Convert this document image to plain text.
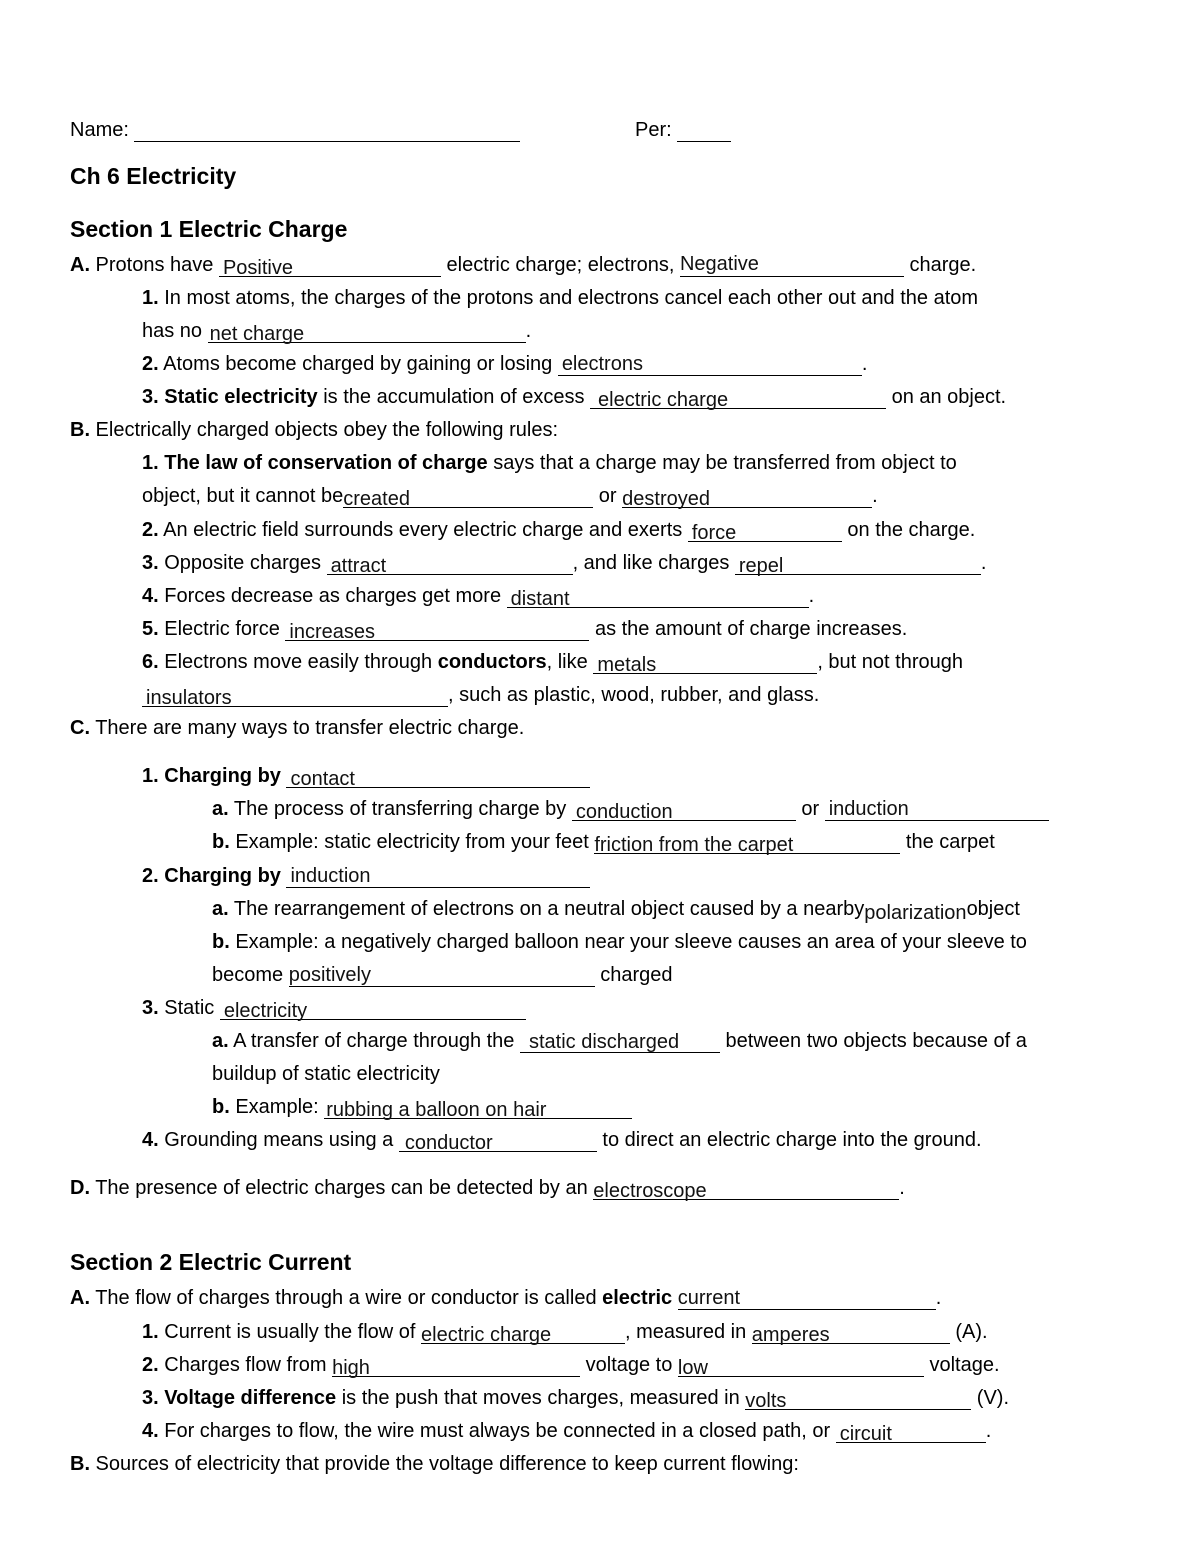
Name:	Per:
Ch 6 Electricity
Section 1 Electric Charge
A. Protons have Positive	electric charge; electrons, Negative	charge.
1. In most atoms, the charges of the protons and electrons cancel each other out and the atom
has no net charge	.
2. Atoms become charged by gaining or losing electrons	.
3. Static electricity is the accumulation of excess electric charge	on an object.
B. Electrically charged objects obey the following rules:
1. The law of conservation of charge says that a charge may be transferred from object to
object, but it cannot be created	or destroyed	.
2. An electric field surrounds every electric charge and exerts force	on the charge.
3. Opposite charges attract	, and like charges repel	.
4. Forces decrease as charges get more distant	.
5. Electric force increases	as the amount of charge increases.
6. Electrons move easily through conductors, like metals	, but not through
insulators	, such as plastic, wood, rubber, and glass.
C. There are many ways to transfer electric charge.
1. Charging by contact
a. The process of transferring charge by conduction	or induction
b. Example: static electricity from your feet friction from the carpet	the carpet
2. Charging by induction
a. The rearrangement of electrons on a neutral object caused by a nearbypolarizationobject
b. Example: a negatively charged balloon near your sleeve causes an area of your sleeve to
become positively	charged
3. Static electricity
a. A transfer of charge through the static discharged between two objects because of a
buildup of static electricity
b. Example: rubbing a balloon on hair
4. Grounding means using a conductor	to direct an electric charge into the ground.
D. The presence of electric charges can be detected by an electroscope	.
Section 2 Electric Current
A. The flow of charges through a wire or conductor is called electric current	.
1. Current is usually the flow of electric charge	, measured in amperes	(A).
2. Charges flow from high	voltage to low	voltage.
3. Voltage difference is the push that moves charges, measured in volts	(V).
4. For charges to flow, the wire must always be connected in a closed path, or circuit	.
B. Sources of electricity that provide the voltage difference to keep current flowing:
